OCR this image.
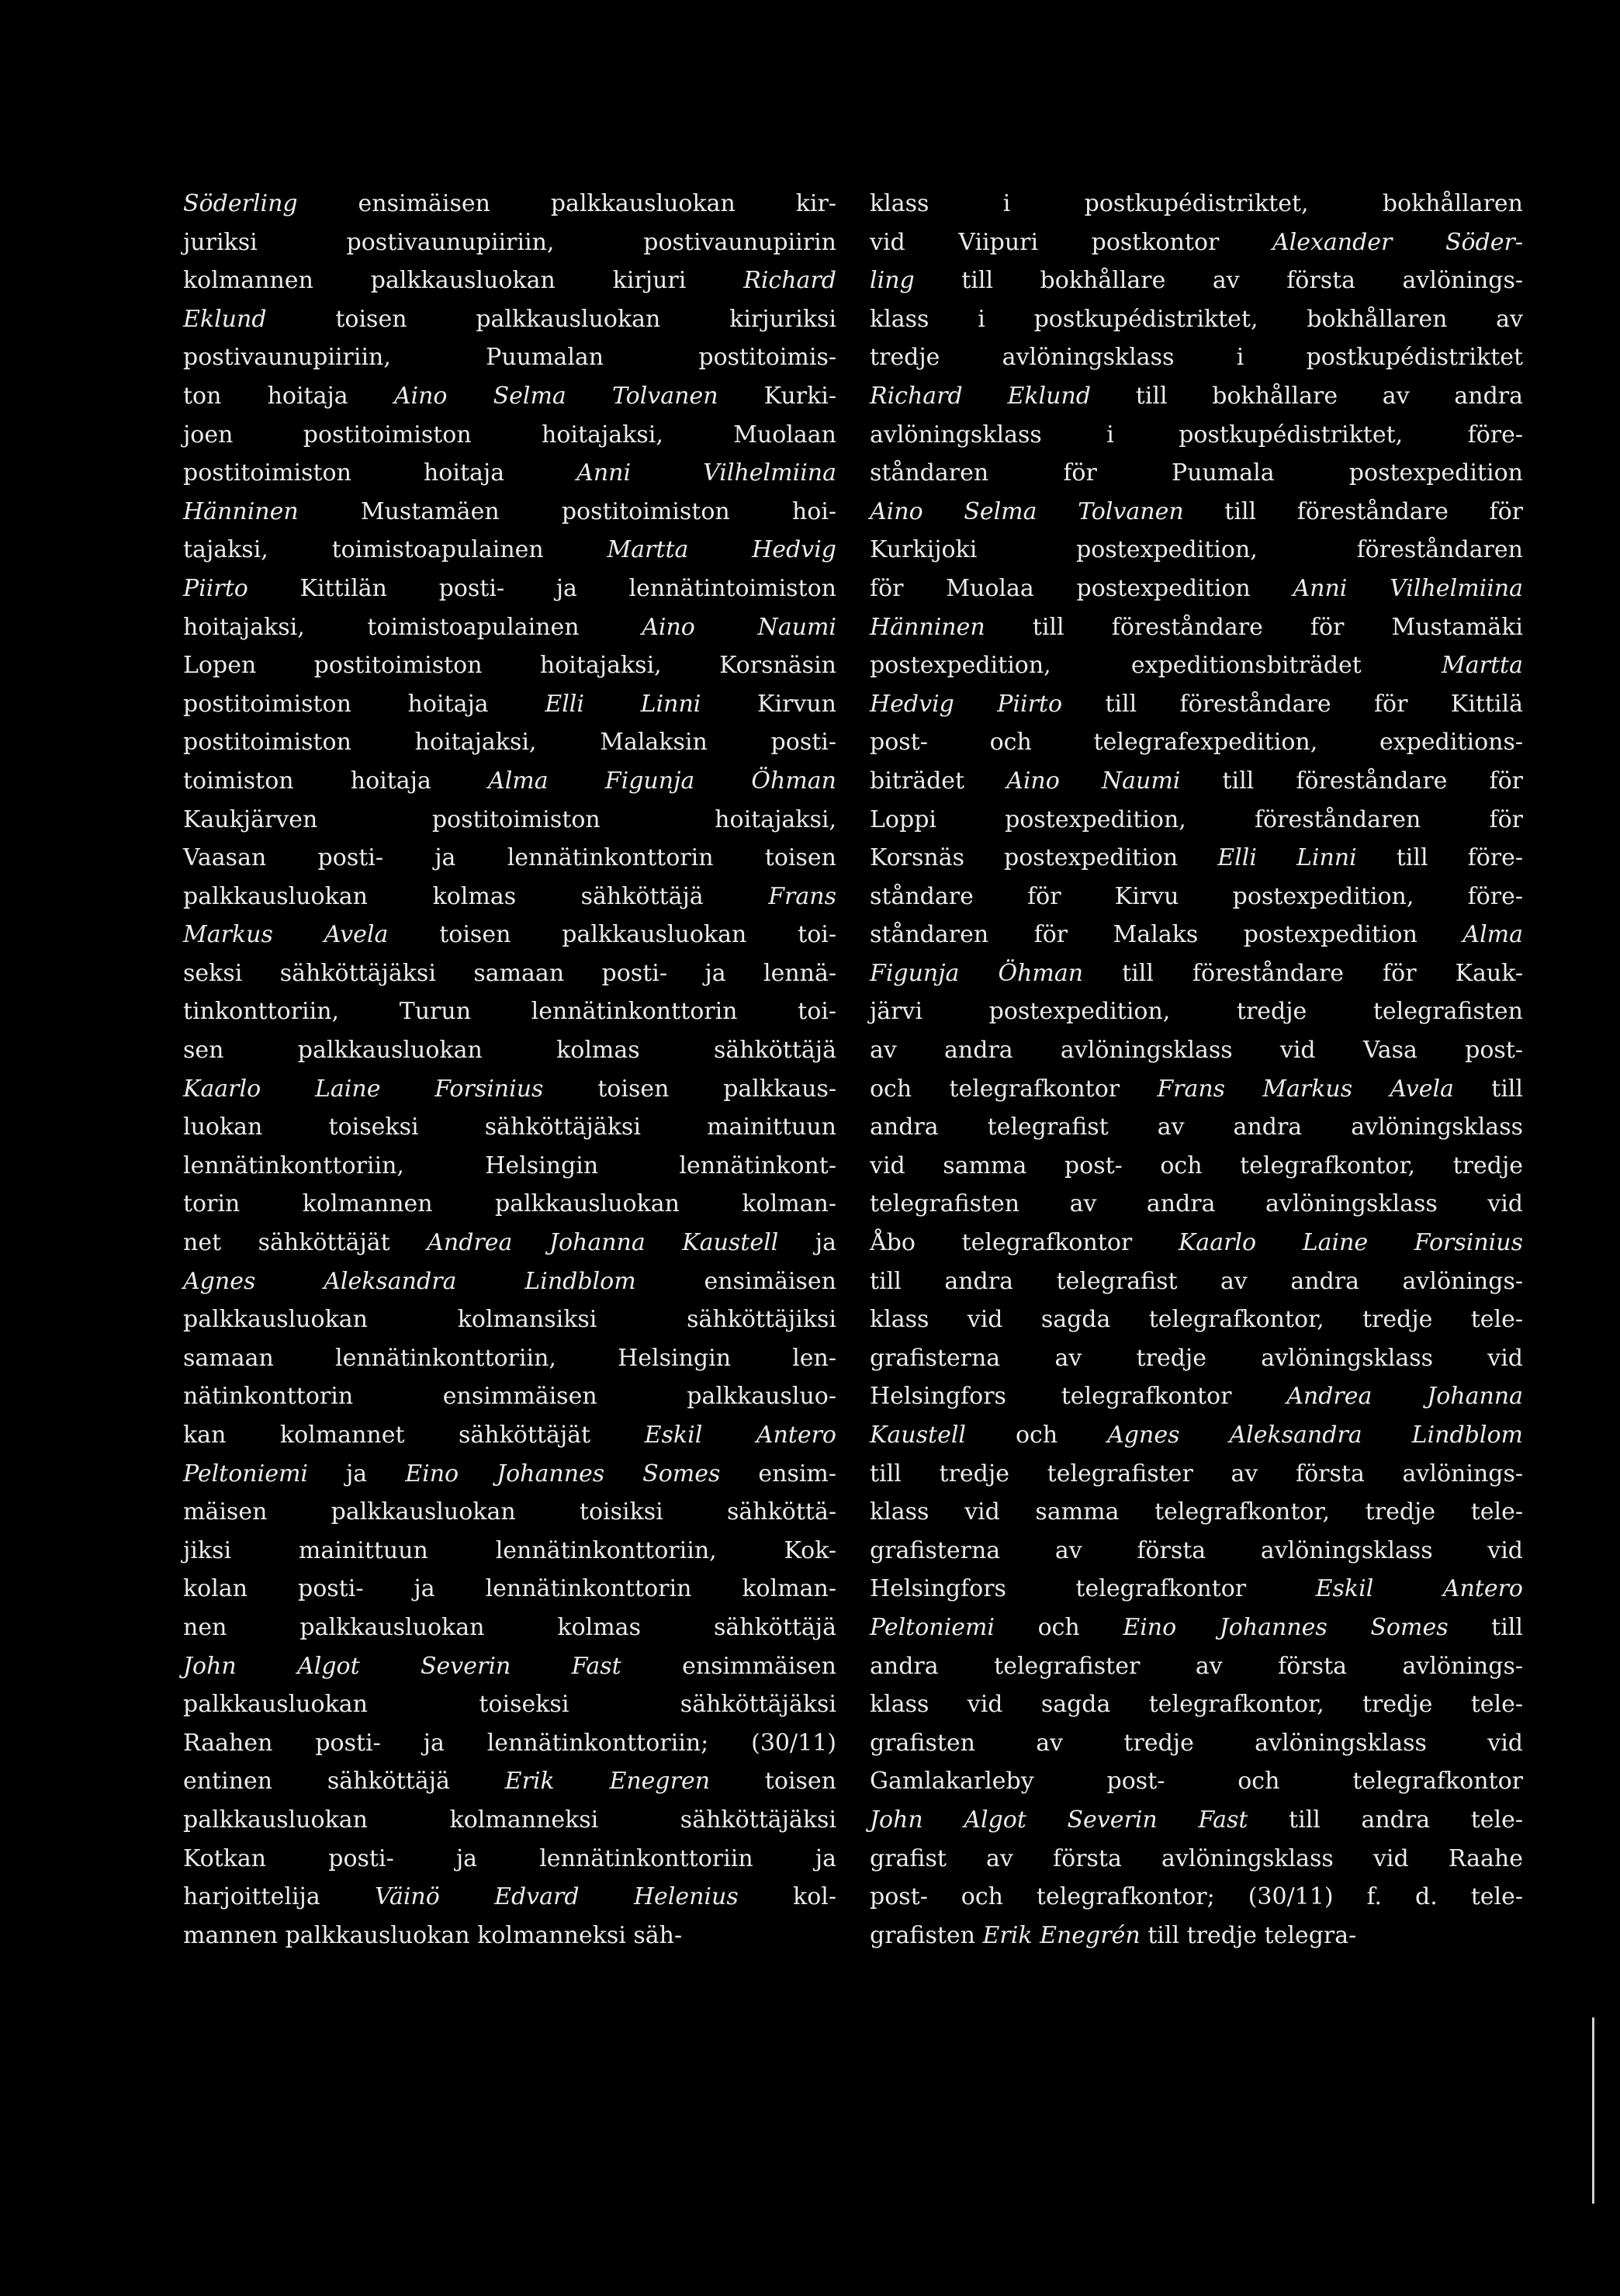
Söderling ensimäisen palkkausluokan kir-
juriksi postivaunupiiriin, postivaunupiirin
kolmannen palkkausluokan kirjuri Richard
Eklund toisen palkkausluokan kirjuriksi
postivaunupiiriin, Puumalan postitoimis-
ton hoitaja Aino Selma Tolvanen Kurki-
joen postitoimiston hoitajaksi, Muolaan
postitoimiston hoitaja Anni Vilhelmiina
Hänninen Mustamäen postitoimiston hoi-
tajaksi, toimistoapulainen Martta Hedvig
Piirto Kittilän posti- ja lennätintoimiston
hoitajaksi, toimistoapulainen Aino Naumi
Lopen postitoimiston hoitajaksi, Korsnäsin
postitoimiston hoitaja Elli Linni Kirvun
postitoimiston hoitajaksi, Malaksin posti-
toimiston hoitaja Alma Figunja Öhman
Kaukjärven postitoimiston hoitajaksi,
Vaasan posti- ja lennätinkonttorin toisen
palkkausluokan kolmas sähköttäjä Frans
Markus Avela toisen palkkausluokan toi-
seksi sähköttäjäksi samaan posti- ja lennä-
tinkonttoriin, Turun lennätinkonttorin toi-
sen palkkausluokan kolmas sähköttäjä
Kaarlo Laine Forsinius toisen palkkaus-
luokan toiseksi sähköttäjäksi mainittuun
lennätinkonttoriin, Helsingin lennätinkont-
torin kolmannen palkkausluokan kolman-
net sähköttäjät Andrea Johanna Kaustell ja
Agnes Aleksandra Lindblom ensimäisen
palkkausluokan kolmansiksi sähköttäjiksi
samaan lennätinkonttoriin, Helsingin len-
nätinkonttorin ensimmäisen palkkausluo-
kan kolmannet sähköttäjät Eskil Antero
Peltoniemi ja Eino Johannes Somes ensim-
mäisen palkkausluokan toisiksi sähköttä-
jiksi mainittuun lennätinkonttoriin, Kok-
kolan posti- ja lennätinkonttorin kolman-
nen palkkausluokan kolmas sähköttäjä
John Algot Severin Fast ensimmäisen
palkkausluokan toiseksi sähköttäjäksi
Raahen posti- ja lennätinkonttoriin; (30/11)
entinen sähköttäjä Erik Enegren toisen
palkkausluokan kolmanneksi sähköttäjäksi
Kotkan posti- ja lennätinkonttoriin ja
harjoittelija Väinö Edvard Helenius kol-
mannen palkkausluokan kolmanneksi säh-
klass i postkupédistriktet, bokhållaren
vid Viipuri postkontor Alexander Söder-
ling till bokhållare av första avlönings-
klass i postkupédistriktet, bokhållaren av
tredje avlöningsklass i postkupédistriktet
Richard Eklund till bokhållare av andra
avlöningsklass i postkupédistriktet, före-
ståndaren för Puumala postexpedition
Aino Selma Tolvanen till föreståndare för
Kurkijoki postexpedition, föreståndaren
för Muolaa postexpedition Anni Vilhelmiina
Hänninen till föreståndare för Mustamäki
postexpedition, expeditionsbiträdet Martta
Hedvig Piirto till föreståndare för Kittilä
post- och telegrafexpedition, expeditions-
biträdet Aino Naumi till föreståndare för
Loppi postexpedition, föreståndaren för
Korsnäs postexpedition Elli Linni till före-
ståndare för Kirvu postexpedition, före-
ståndaren för Malaks postexpedition Alma
Figunja Öhman till föreståndare för Kauk-
järvi postexpedition, tredje telegrafisten
av andra avlöningsklass vid Vasa post-
och telegrafkontor Frans Markus Avela till
andra telegrafist av andra avlöningsklass
vid samma post- och telegrafkontor, tredje
telegrafisten av andra avlöningsklass vid
Åbo telegrafkontor Kaarlo Laine Forsinius
till andra telegrafist av andra avlönings-
klass vid sagda telegrafkontor, tredje tele-
grafisterna av tredje avlöningsklass vid
Helsingfors telegrafkontor Andrea Johanna
Kaustell och Agnes Aleksandra Lindblom
till tredje telegrafister av första avlönings-
klass vid samma telegrafkontor, tredje tele-
grafisterna av första avlöningsklass vid
Helsingfors telegrafkontor Eskil Antero
Peltoniemi och Eino Johannes Somes till
andra telegrafister av första avlönings-
klass vid sagda telegrafkontor, tredje tele-
grafisten av tredje avlöningsklass vid
Gamlakarleby post- och telegrafkontor
John Algot Severin Fast till andra tele-
grafist av första avlöningsklass vid Raahe
post- och telegrafkontor; (30/11) f. d. tele-
grafisten Erik Enegrén till tredje telegra-
